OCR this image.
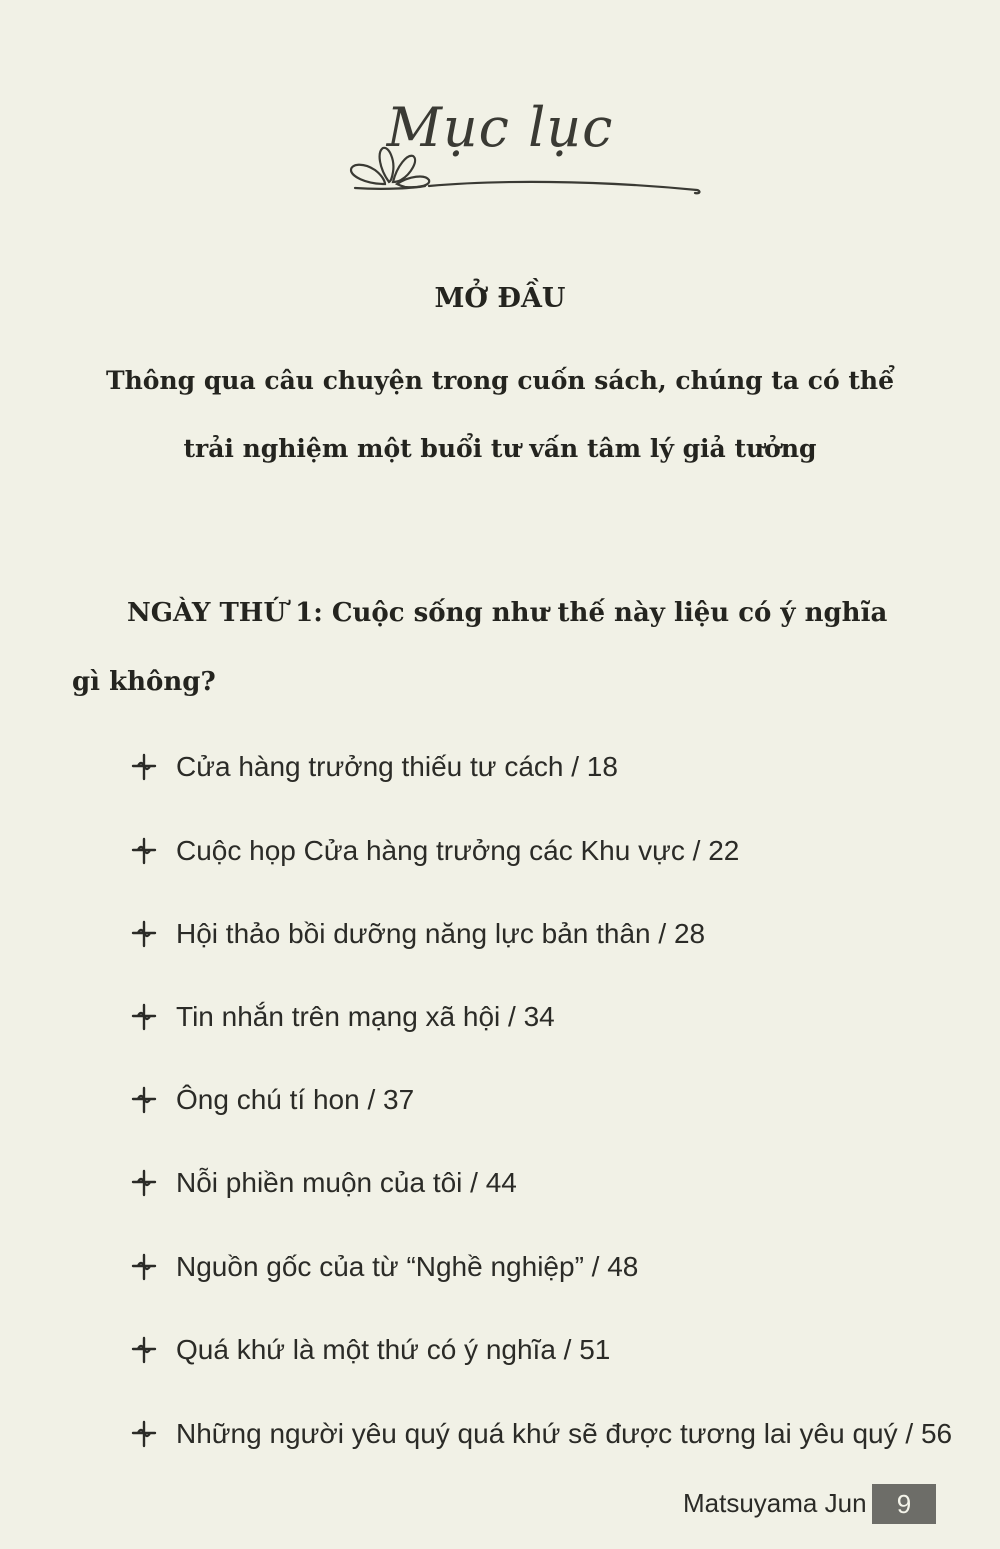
Mục lục
MỞ ĐẦU
Thông qua câu chuyện trong cuốn sách, chúng ta có thể
trải nghiệm một buổi tư vấn tâm lý giả tưởng
NGÀY THỨ 1: Cuộc sống như thế này liệu có ý nghĩa
gì không?
Cửa hàng trưởng thiếu tư cách / 18
Cuộc họp Cửa hàng trưởng các Khu vực / 22
Hội thảo bồi dưỡng năng lực bản thân / 28
Tin nhắn trên mạng xã hội / 34
Ông chú tí hon / 37
Nỗi phiền muộn của tôi / 44
Nguồn gốc của từ “Nghề nghiệp” / 48
Quá khứ là một thứ có ý nghĩa / 51
Những người yêu quý quá khứ sẽ được tương lai yêu quý / 56
Matsuyama Jun	9
